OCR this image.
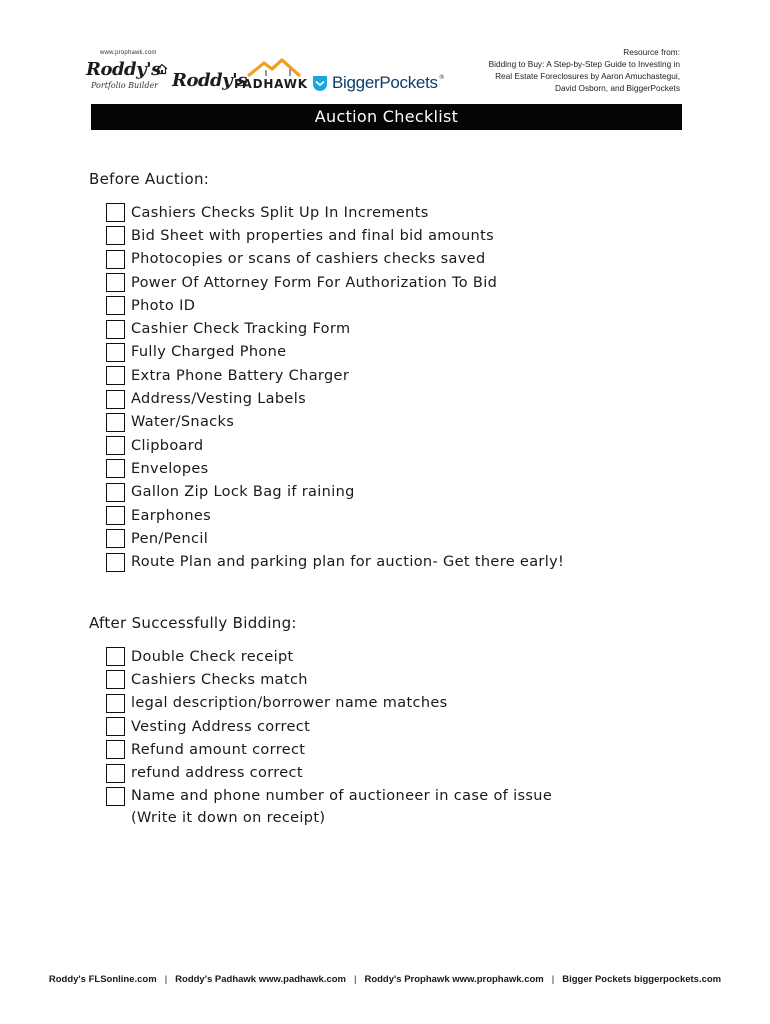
www.prophawk.com
Roddy's
Portfolio Builder Roddy's
PADHAWK BiggerPockets ®
Resource from:
Bidding to Buy: A Step-by-Step Guide to Investing in
Real Estate Foreclosures by Aaron Amuchastegui,
David Osborn, and BiggerPockets
Auction Checklist
Before Auction:
Cashiers Checks Split Up In Increments
Bid Sheet with properties and final bid amounts
Photocopies or scans of cashiers checks saved
Power Of Attorney Form For Authorization To Bid
Photo ID
Cashier Check Tracking Form
Fully Charged Phone
Extra Phone Battery Charger
Address/Vesting Labels
Water/Snacks
Clipboard
Envelopes
Gallon Zip Lock Bag if raining
Earphones
Pen/Pencil
Route Plan and parking plan for auction- Get there early!
After Successfully Bidding:
Double Check receipt
Cashiers Checks match
legal description/borrower name matches
Vesting Address correct
Refund amount correct
refund address correct
Name and phone number of auctioneer in case of issue
(Write it down on receipt)
Roddy's FLSonline.com | Roddy's Padhawk www.padhawk.com | Roddy's Prophawk www.prophawk.com | Bigger Pockets biggerpockets.com
